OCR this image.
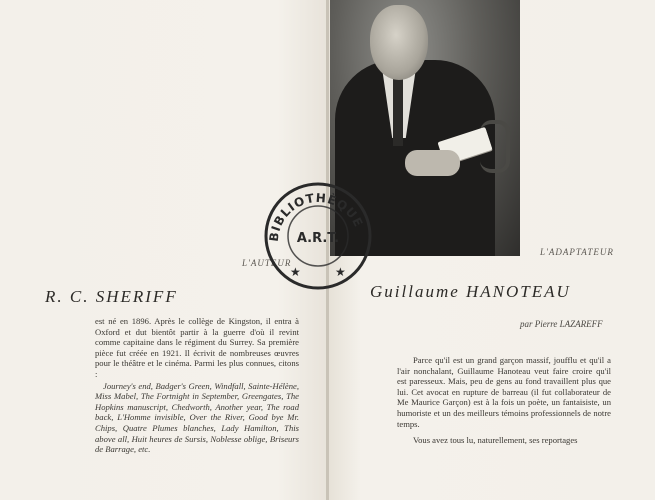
L'AUTEUR
L'ADAPTATEUR
R. C. SHERIFF	Guillaume HANOTEAU
par Pierre LAZAREFF

est né en 1896. Après le collège de Kingston, il entra à Oxford et dut bientôt partir à la guerre d'où il revint comme capitaine dans le régiment du Surrey. Sa première pièce fut créée en 1921. Il écrivit de nombreuses œuvres pour le théâtre et le cinéma. Parmi les plus connues, citons :

Journey's end, Badger's Green, Windfall, Sainte-Hélène, Miss Mabel, The Fortnight in September, Greengates, The Hopkins manuscript, Chedworth, Another year, The road back, L'Homme invisible, Over the River, Good bye Mr. Chips, Quatre Plumes blanches, Lady Hamilton, This above all, Huit heures de Sursis, Noblesse oblige, Briseurs de Barrage, etc.

Parce qu'il est un grand garçon massif, joufflu et qu'il a l'air nonchalant, Guillaume Hanoteau veut faire croire qu'il est paresseux. Mais, peu de gens au fond travaillent plus que lui. Cet avocat en rupture de barreau (il fut collaborateur de Me Maurice Garçon) est à la fois un poète, un fantaisiste, un humoriste et un des meilleurs témoins professionnels de notre temps.

Vous avez tous lu, naturellement, ses reportages

BIBLIOTHÈQUE
A.R.T.
★	★
